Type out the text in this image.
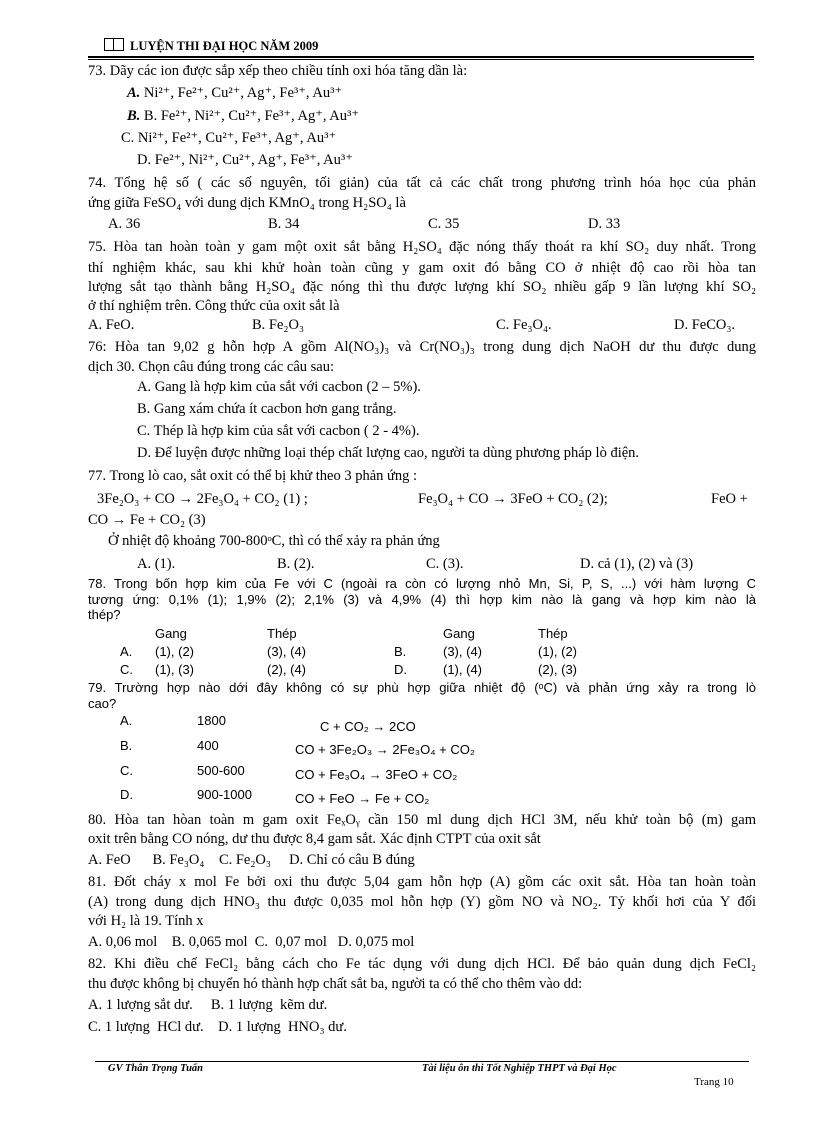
LUYỆN THI ĐẠI HỌC NĂM 2009
73. Dãy các ion được sắp xếp theo chiều tính oxi hóa tăng dần là:
A. Ni²⁺, Fe²⁺, Cu²⁺, Ag⁺, Fe³⁺, Au³⁺
B. B. Fe²⁺, Ni²⁺, Cu²⁺, Fe³⁺, Ag⁺, Au³⁺
C. Ni²⁺, Fe²⁺, Cu²⁺, Fe³⁺, Ag⁺, Au³⁺
D. Fe²⁺, Ni²⁺, Cu²⁺, Ag⁺, Fe³⁺, Au³⁺
74. Tổng hệ số ( các số nguyên, tối giản) của tất cả các chất trong phương trình hóa học của phản
ứng giữa FeSO₄ với dung dịch KMnO₄ trong H₂SO₄ là
A. 36	B. 34	C. 35	D. 33
75. Hòa tan hoàn toàn y gam một oxit sắt bằng H₂SO₄ đặc nóng thấy thoát ra khí SO₂ duy nhất. Trong
thí nghiệm khác, sau khi khử hoàn toàn cũng y gam oxit đó bằng CO ở nhiệt độ cao rồi hòa tan
lượng sắt tạo thành bằng H₂SO₄ đặc nóng thì thu được lượng khí SO₂ nhiều gấp 9 lần lượng khí SO₂
ở thí nghiệm trên. Công thức của oxit sắt là
A. FeO.	B. Fe₂O₃	C. Fe₃O₄.	D. FeCO₃.
76: Hòa tan 9,02 g hỗn hợp A gồm Al(NO₃)₃ và Cr(NO₃)₃ trong dung dịch NaOH dư thu được dung
dịch 30. Chọn câu đúng trong các câu sau:
A. Gang là hợp kim của sắt với cacbon (2 – 5%).
B. Gang xám chứa ít cacbon hơn gang trắng.
C. Thép là hợp kim của sắt với cacbon ( 2 - 4%).
D. Để luyện được những loại thép chất lượng cao, người ta dùng phương pháp lò điện.
77. Trong lò cao, sắt oxit có thể bị khử theo 3 phản ứng :
3Fe₂O₃ + CO → 2Fe₃O₄ + CO₂ (1) ;	Fe₃O₄ + CO → 3FeO + CO₂ (2);	FeO +
CO → Fe + CO₂ (3)
Ở nhiệt độ khoảng 700-800ᵒC, thì có thể xảy ra phản ứng
A. (1).	B. (2).	C. (3).	D. cả (1), (2) và (3)
78. Trong bốn hợp kim của Fe với C (ngoài ra còn có lượng nhỏ Mn, Si, P, S, ...) với hàm lượng C
tương ứng: 0,1% (1); 1,9% (2); 2,1% (3) và 4,9% (4) thì hợp kim nào là gang và hợp kim nào là
thép?
Gang	Thép	Gang	Thép
A. (1), (2)	(3), (4)	B.	(3), (4)	(1), (2)
C. (1), (3)	(2), (4)	D.	(1), (4)	(2), (3)
79. Trường hợp nào dới đây không có sự phù hợp giữa nhiệt độ (ᵒC) và phản ứng xảy ra trong lò
cao?
A.	1800	C + CO₂ → 2CO
B.	400	CO + 3Fe₂O₃ → 2Fe₃O₄ + CO₂
C.	500-600	CO + Fe₃O₄ → 3FeO + CO₂
D.	900-1000	CO + FeO → Fe + CO₂
80. Hòa tan hòan toàn m gam oxit FeₓOᵧ cần 150 ml dung dịch HCl 3M, nếu khử toàn bộ (m) gam
oxit trên bằng CO nóng, dư thu được 8,4 gam sắt. Xác định CTPT của oxit sắt
A. FeO      B. Fe₃O₄    C. Fe₂O₃     D. Chỉ có câu B đúng
81. Đốt cháy x mol Fe bởi oxi thu được 5,04 gam hỗn hợp (A) gồm các oxit sắt. Hòa tan hoàn toàn
(A) trong dung dịch HNO₃ thu được 0,035 mol hỗn hợp (Y) gồm NO và NO₂. Tỷ khối hơi của Y đối
với H₂ là 19. Tính x
A. 0,06 mol    B. 0,065 mol  C.  0,07 mol   D. 0,075 mol
82. Khi điều chế FeCl₂ bằng cách cho Fe tác dụng với dung dịch HCl. Để bảo quản dung dịch FeCl₂
thu được không bị chuyển hó thành hợp chất sắt ba, người ta có thể cho thêm vào dd:
A. 1 lượng sắt dư.     B. 1 lượng  kẽm dư.
C. 1 lượng  HCl dư.    D. 1 lượng  HNO₃ dư.
GV Thân Trọng Tuấn	Tài liệu ôn thi Tốt Nghiệp THPT và Đại Học
Trang 10
